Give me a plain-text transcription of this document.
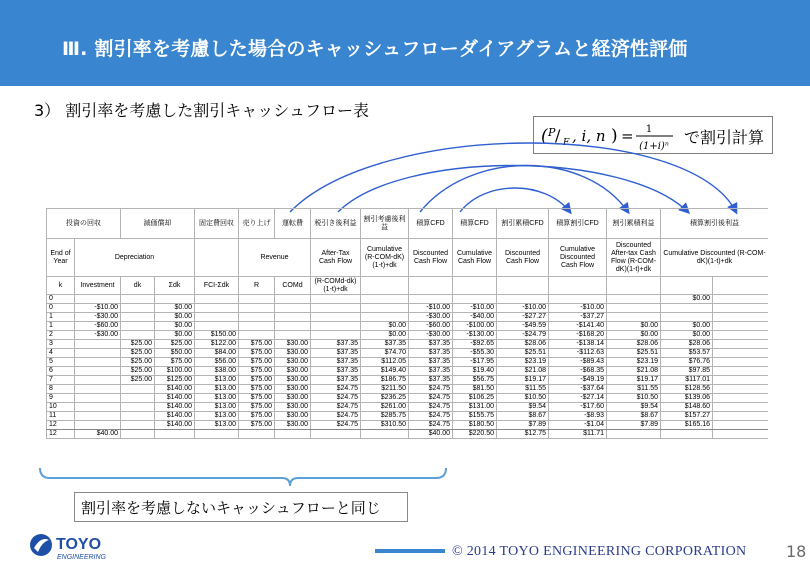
Ⅲ. 割引率を考慮した場合のキャッシュフローダイアグラムと経済性評価
3） 割引率を考慮した割引キャッシュフロー表
( P / F , i, n ) = 1
(1+i)ⁿ で割引計算
投資の回収		減価償却		固定費回収	売り上げ	運転費	税引き後利益	割引考慮後利益	積算CFD	積算CFD	割引累積CFD	積算割引CFD	割引累積利益	積算割引後利益	
End of Year	Depreciation				Revenue		After-Tax Cash Flow	Cumulative (R-COM-dK)(1-t)+dk	Discounted Cash Flow	Cumulative Cash Flow	Discounted Cash Flow	Cumulative Discounted Cash Flow	Discounted After-tax Cash Flow (R-COM-dK)(1-t)+dk	Cumulative Discounted (R-COM-dK)(1-t)+dk	
k	Investment	dk	Σdk	FCI-Σdk	R	COMd	(R-COMd-dk)(1-t)+dk								
0														$0.00	
0	-$10.00		$0.00						-$10.00	-$10.00	-$10.00	-$10.00			
1	-$30.00		$0.00						-$30.00	-$40.00	-$27.27	-$37.27			
1	-$60.00		$0.00					$0.00	-$60.00	-$100.00	-$49.59	-$141.40	$0.00	$0.00	
2	-$30.00		$0.00	$150.00				$0.00	-$30.00	-$130.00	-$24.79	-$168.20	$0.00	$0.00	
3		$25.00	$25.00	$122.00	$75.00	$30.00	$37.35	$37.35	$37.35	-$92.65	$28.06	-$138.14	$28.06	$28.06	
4		$25.00	$50.00	$84.00	$75.00	$30.00	$37.35	$74.70	$37.35	-$55.30	$25.51	-$112.63	$25.51	$53.57	
5		$25.00	$75.00	$56.00	$75.00	$30.00	$37.35	$112.05	$37.35	-$17.95	$23.19	-$89.43	$23.19	$76.76	
6		$25.00	$100.00	$38.00	$75.00	$30.00	$37.35	$149.40	$37.35	$19.40	$21.08	-$68.35	$21.08	$97.85	
7		$25.00	$125.00	$13.00	$75.00	$30.00	$37.35	$186.75	$37.35	$56.75	$19.17	-$49.19	$19.17	$117.01	
8			$140.00	$13.00	$75.00	$30.00	$24.75	$211.50	$24.75	$81.50	$11.55	-$37.64	$11.55	$128.56	
9			$140.00	$13.00	$75.00	$30.00	$24.75	$236.25	$24.75	$106.25	$10.50	-$27.14	$10.50	$139.06	
10			$140.00	$13.00	$75.00	$30.00	$24.75	$261.00	$24.75	$131.00	$9.54	-$17.60	$9.54	$148.60	
11			$140.00	$13.00	$75.00	$30.00	$24.75	$285.75	$24.75	$155.75	$8.67	-$8.93	$8.67	$157.27	
12			$140.00	$13.00	$75.00	$30.00	$24.75	$310.50	$24.75	$180.50	$7.89	-$1.04	$7.89	$165.16	
12	$40.00								$40.00	$220.50	$12.75	$11.71			
割引率を考慮しないキャッシュフローと同じ
TOYO
ENGINEERING	© 2014 TOYO ENGINEERING CORPORATION 18
